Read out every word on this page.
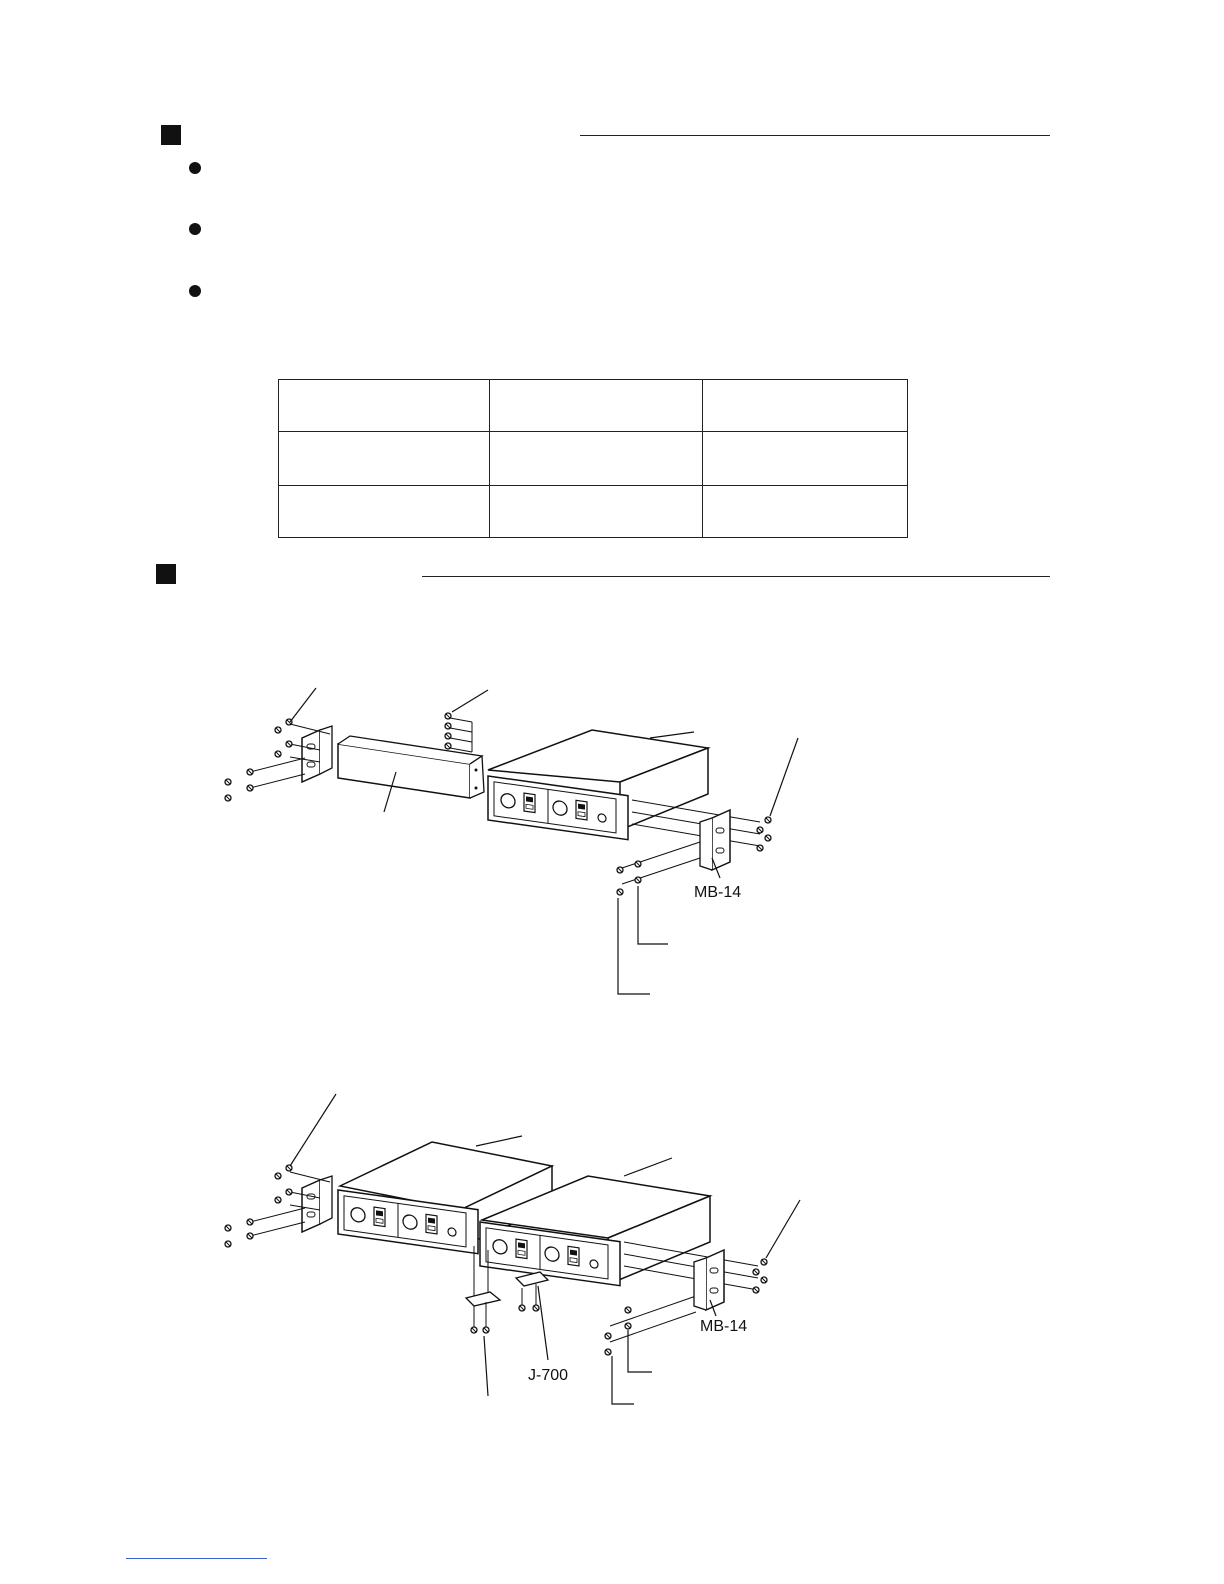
MB-14
J-700
MB-14
